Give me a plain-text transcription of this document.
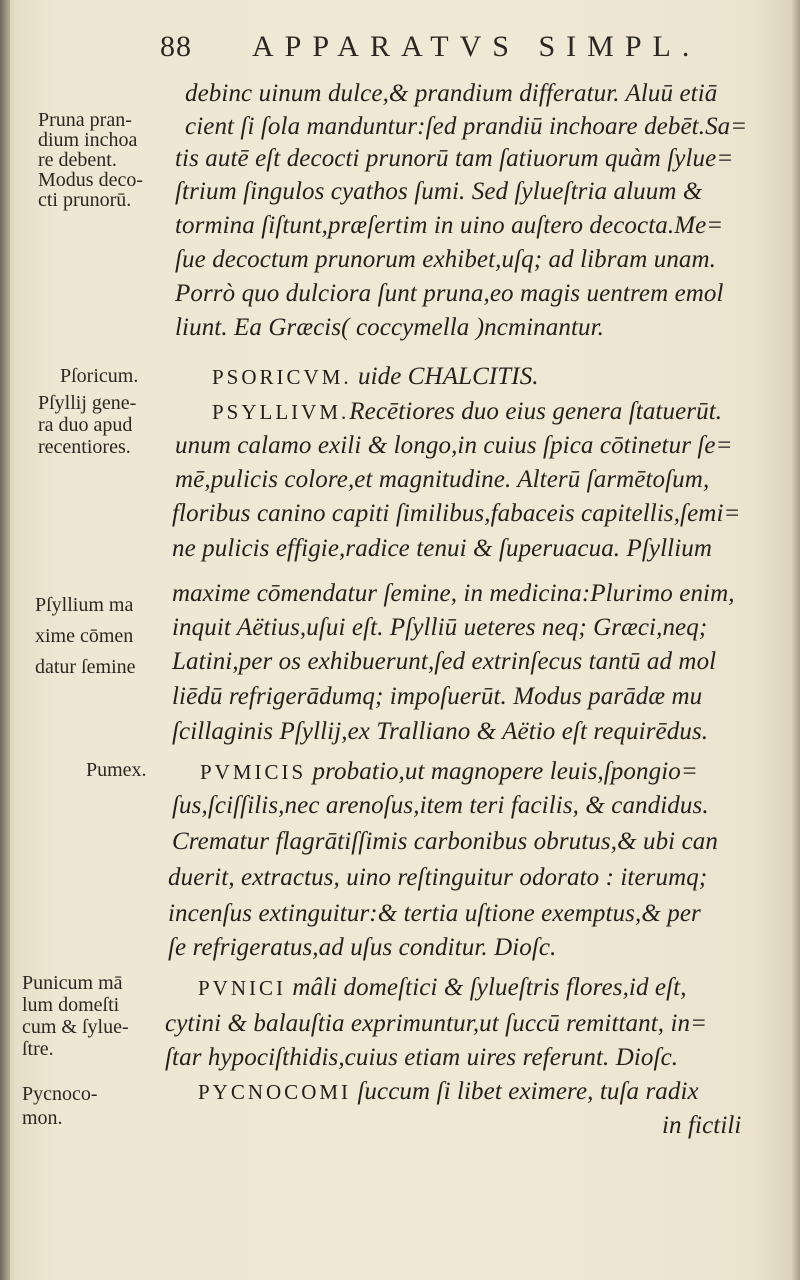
88 APPARATVS SIMPL.
debinc uinum dulce,& prandium differatur. Aluū etiā
cient ſi ſola manduntur:ſed prandiū inchoare debēt.Sa=
tis autē eſt decocti prunorū tam ſatiuorum quàm ſylue=
ſtrium ſingulos cyathos ſumi. Sed ſylueſtria aluum &
tormina ſiſtunt,præſertim in uino auſtero decocta.Me=
ſue decoctum prunorum exhibet,uſq; ad libram unam.
Porrò quo dulciora ſunt pruna,eo magis uentrem emol
liunt. Ea Græcis( coccymella )ncminantur.
PSORICVM. uide CHALCITIS.
PSYLLIVM.Recētiores duo eius genera ſtatuerūt.
unum calamo exili & longo,in cuius ſpica cōtinetur ſe=
mē,pulicis colore,et magnitudine. Alterū ſarmētoſum,
floribus canino capiti ſimilibus,fabaceis capitellis,ſemi=
ne pulicis effigie,radice tenui & ſuperuacua. Pſyllium
maxime cōmendatur ſemine, in medicina:Plurimo enim,
inquit Aëtius,uſui eſt. Pſylliū ueteres neq; Græci,neq;
Latini,per os exhibuerunt,ſed extrinſecus tantū ad mol
liēdū refrigerādumq; impoſuerūt. Modus parādæ mu
ſcillaginis Pſyllij,ex Tralliano & Aëtio eſt requirēdus.
PVMICIS probatio,ut magnopere leuis,ſpongio=
ſus,ſciſſilis,nec arenoſus,item teri facilis, & candidus.
Crematur flagrātiſſimis carbonibus obrutus,& ubi can
duerit, extractus, uino reſtinguitur odorato : iterumq;
incenſus extinguitur:& tertia uſtione exemptus,& per
ſe refrigeratus,ad uſus conditur. Dioſc.
PVNICI mâli domeſtici & ſylueſtris flores,id eſt,
cytini & balauſtia exprimuntur,ut ſuccū remittant, in=
ſtar hypociſthidis,cuius etiam uires referunt. Dioſc.
PYCNOCOMI ſuccum ſi libet eximere, tuſa radix
in fictili
Pruna pran-
dium inchoa
re debent.
Modus deco-
cti prunorū.
Pſoricum.
Pſyllij gene-
ra duo apud
recentiores.
Pſyllium ma
xime cōmen
datur ſemine
Pumex.
Punicum mā
lum domeſti
cum & ſylue-
ſtre.
Pycnoco-
mon.
